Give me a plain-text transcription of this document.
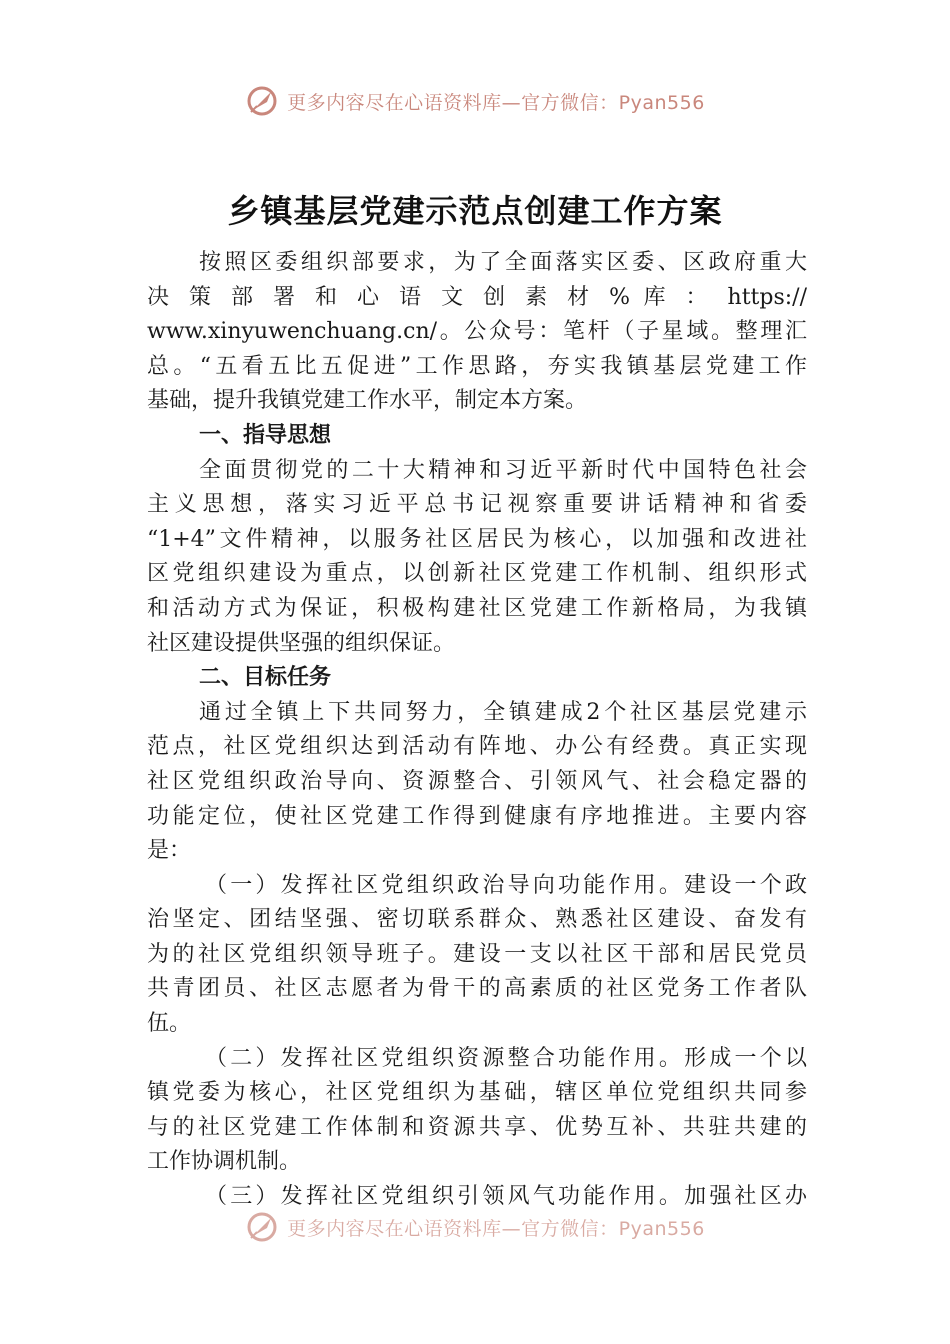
更多内容尽在心语资料库—官方微信：Pyan556
乡镇基层党建示范点创建工作方案
按照区委组织部要求，为了全面落实区委、区政府重大
决 策 部 署 和 心 语 文 创 素 材 % 库 ： https://
www.xinyuwenchuang.cn/。公众号：笔杆（子星域。整理汇
总。“五看五比五促进”工作思路，夯实我镇基层党建工作
基础，提升我镇党建工作水平，制定本方案。
一、指导思想
全面贯彻党的二十大精神和习近平新时代中国特色社会
主义思想，落实习近平总书记视察重要讲话精神和省委
“1+4”文件精神，以服务社区居民为核心，以加强和改进社
区党组织建设为重点，以创新社区党建工作机制、组织形式
和活动方式为保证，积极构建社区党建工作新格局，为我镇
社区建设提供坚强的组织保证。
二、目标任务
通过全镇上下共同努力，全镇建成2个社区基层党建示
范点，社区党组织达到活动有阵地、办公有经费。真正实现
社区党组织政治导向、资源整合、引领风气、社会稳定器的
功能定位，使社区党建工作得到健康有序地推进。主要内容
是：
（一）发挥社区党组织政治导向功能作用。建设一个政
治坚定、团结坚强、密切联系群众、熟悉社区建设、奋发有
为的社区党组织领导班子。建设一支以社区干部和居民党员
共青团员、社区志愿者为骨干的高素质的社区党务工作者队
伍。
（二）发挥社区党组织资源整合功能作用。形成一个以
镇党委为核心，社区党组织为基础，辖区单位党组织共同参
与的社区党建工作体制和资源共享、优势互补、共驻共建的
工作协调机制。
（三）发挥社区党组织引领风气功能作用。加强社区办
更多内容尽在心语资料库—官方微信：Pyan556
